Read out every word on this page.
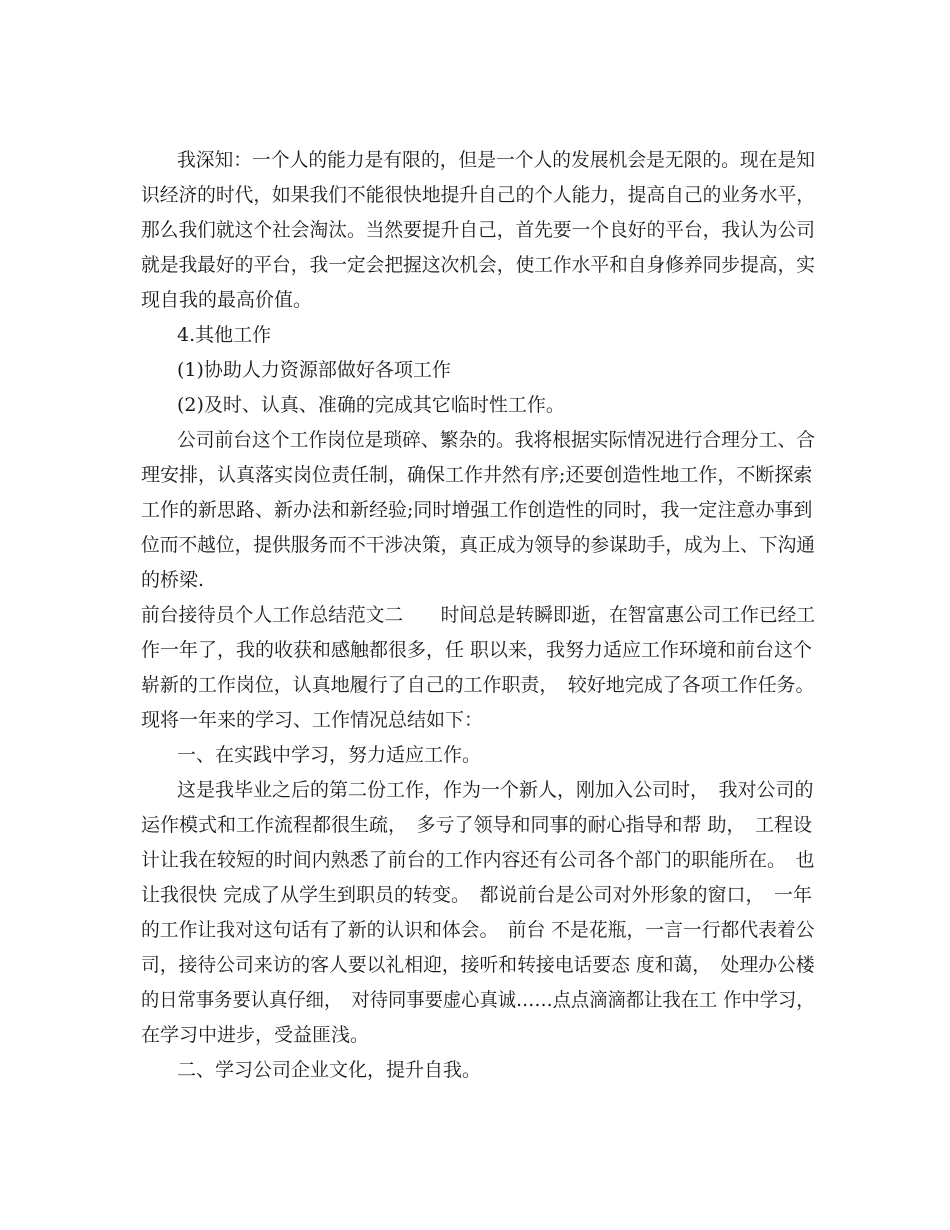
我深知：一个人的能力是有限的，但是一个人的发展机会是无限的。现在是知
识经济的时代，如果我们不能很快地提升自己的个人能力，提高自己的业务水平，
那么我们就这个社会淘汰。当然要提升自己，首先要一个良好的平台，我认为公司
就是我最好的平台，我一定会把握这次机会，使工作水平和自身修养同步提高，实
现自我的最高价值。
4.其他工作
(1)协助人力资源部做好各项工作
(2)及时、认真、准确的完成其它临时性工作。
公司前台这个工作岗位是琐碎、繁杂的。我将根据实际情况进行合理分工、合
理安排，认真落实岗位责任制，确保工作井然有序;还要创造性地工作，不断探索
工作的新思路、新办法和新经验;同时增强工作创造性的同时，我一定注意办事到
位而不越位，提供服务而不干涉决策，真正成为领导的参谋助手，成为上、下沟通
的桥梁.
前台接待员个人工作总结范文二　　时间总是转瞬即逝，在智富惠公司工作已经工
作一年了，我的收获和感触都很多，任 职以来，我努力适应工作环境和前台这个
崭新的工作岗位，认真地履行了自己的工作职责，　较好地完成了各项工作任务。
现将一年来的学习、工作情况总结如下：
一、在实践中学习，努力适应工作。
这是我毕业之后的第二份工作，作为一个新人，刚加入公司时，　我对公司的
运作模式和工作流程都很生疏，　多亏了领导和同事的耐心指导和帮 助，　工程设
计让我在较短的时间内熟悉了前台的工作内容还有公司各个部门的职能所在。　也
让我很快 完成了从学生到职员的转变。　都说前台是公司对外形象的窗口，　一年
的工作让我对这句话有了新的认识和体会。　前台 不是花瓶，一言一行都代表着公
司，接待公司来访的客人要以礼相迎，接听和转接电话要态 度和蔼，　处理办公楼
的日常事务要认真仔细，　对待同事要虚心真诚……点点滴滴都让我在工 作中学习，
在学习中进步，受益匪浅。
二、学习公司企业文化，提升自我。
